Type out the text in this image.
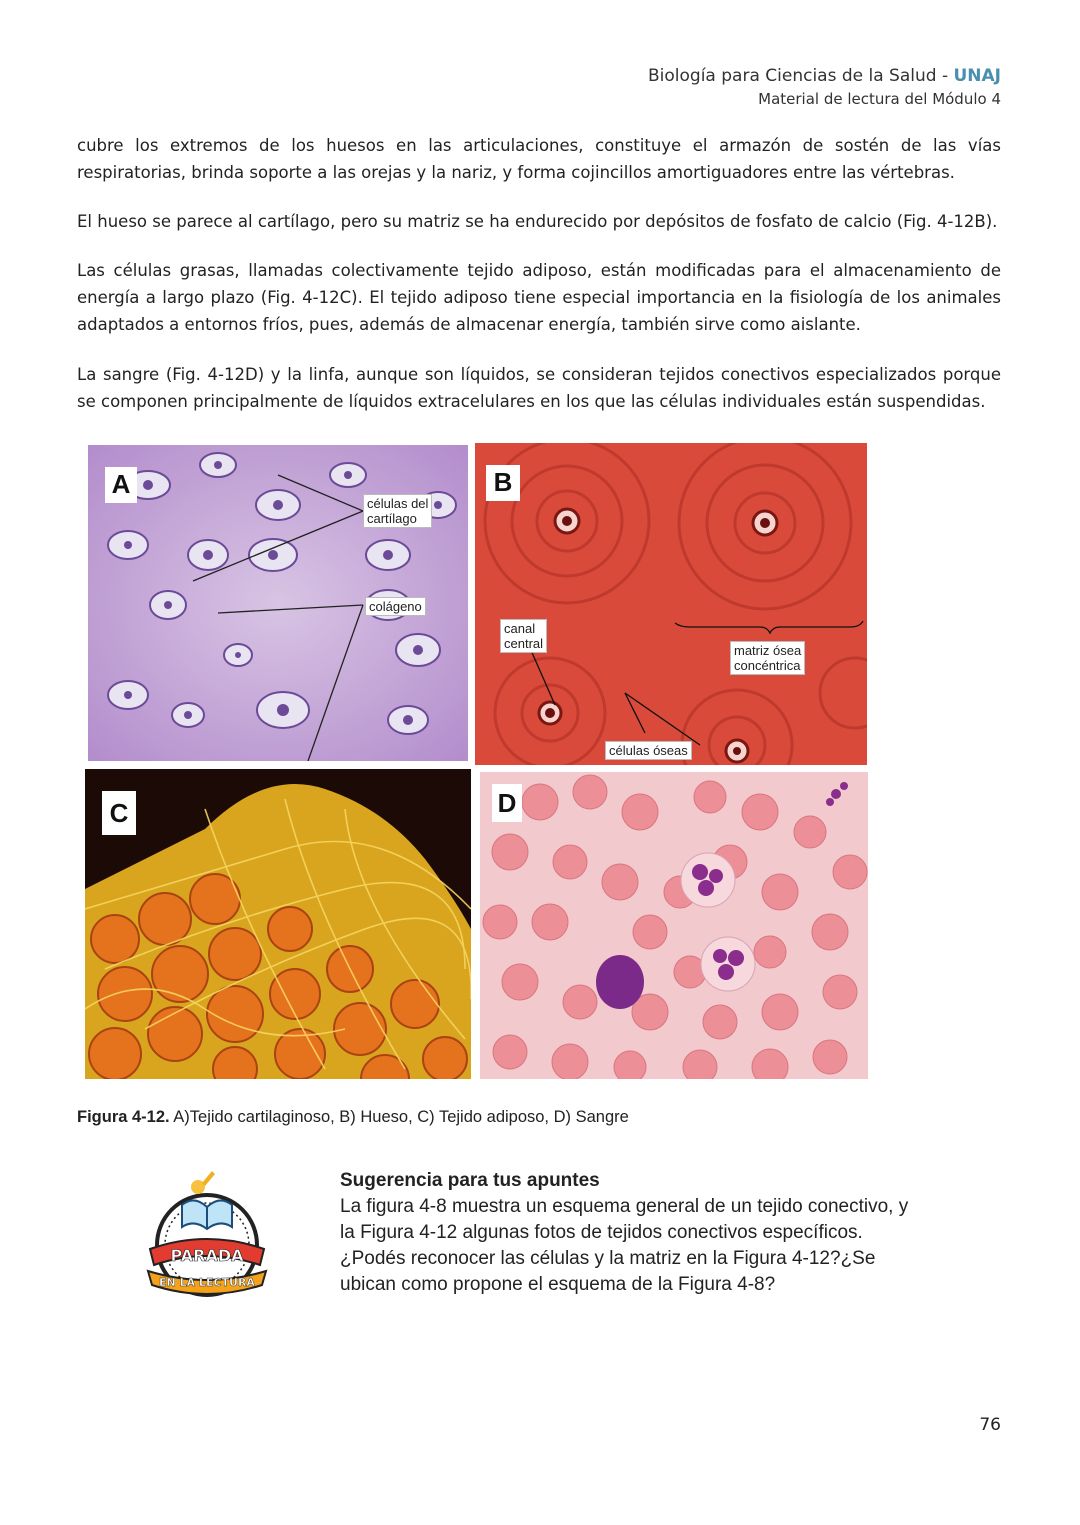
Biología para Ciencias de la Salud - UNAJ
Material de lectura del Módulo 4

cubre los extremos de los huesos en las articulaciones, constituye el armazón de sostén de las vías respiratorias, brinda soporte a las orejas y la nariz, y forma cojincillos amortiguadores entre las vértebras.

El hueso se parece al cartílago, pero su matriz se ha endurecido por depósitos de fosfato de calcio (Fig. 4-12B).

Las células grasas, llamadas colectivamente tejido adiposo, están modificadas para el almacenamiento de energía a largo plazo (Fig. 4-12C). El tejido adiposo tiene especial importancia en la fisiología de los animales adaptados a entornos fríos, pues, además de almacenar energía, también sirve como aislante.

La sangre (Fig. 4-12D) y la linfa, aunque son líquidos, se consideran tejidos conectivos especializados porque se componen principalmente de líquidos extracelulares en los que las células individuales están suspendidas.

A
células del
cartílago
colágeno
B
canal
central	matriz ósea
concéntrica
células óseas
C	D
Figura 4-12. A)Tejido cartilaginoso, B) Hueso, C) Tejido adiposo, D) Sangre
PARADA
EN LA LECTURA
Sugerencia para tus apuntes
La figura 4-8 muestra un esquema general de un tejido conectivo, y
la Figura 4-12 algunas fotos de tejidos conectivos específicos.
¿Podés reconocer las células y la matriz en la Figura 4-12?¿Se
ubican como propone el esquema de la Figura 4-8?
76
